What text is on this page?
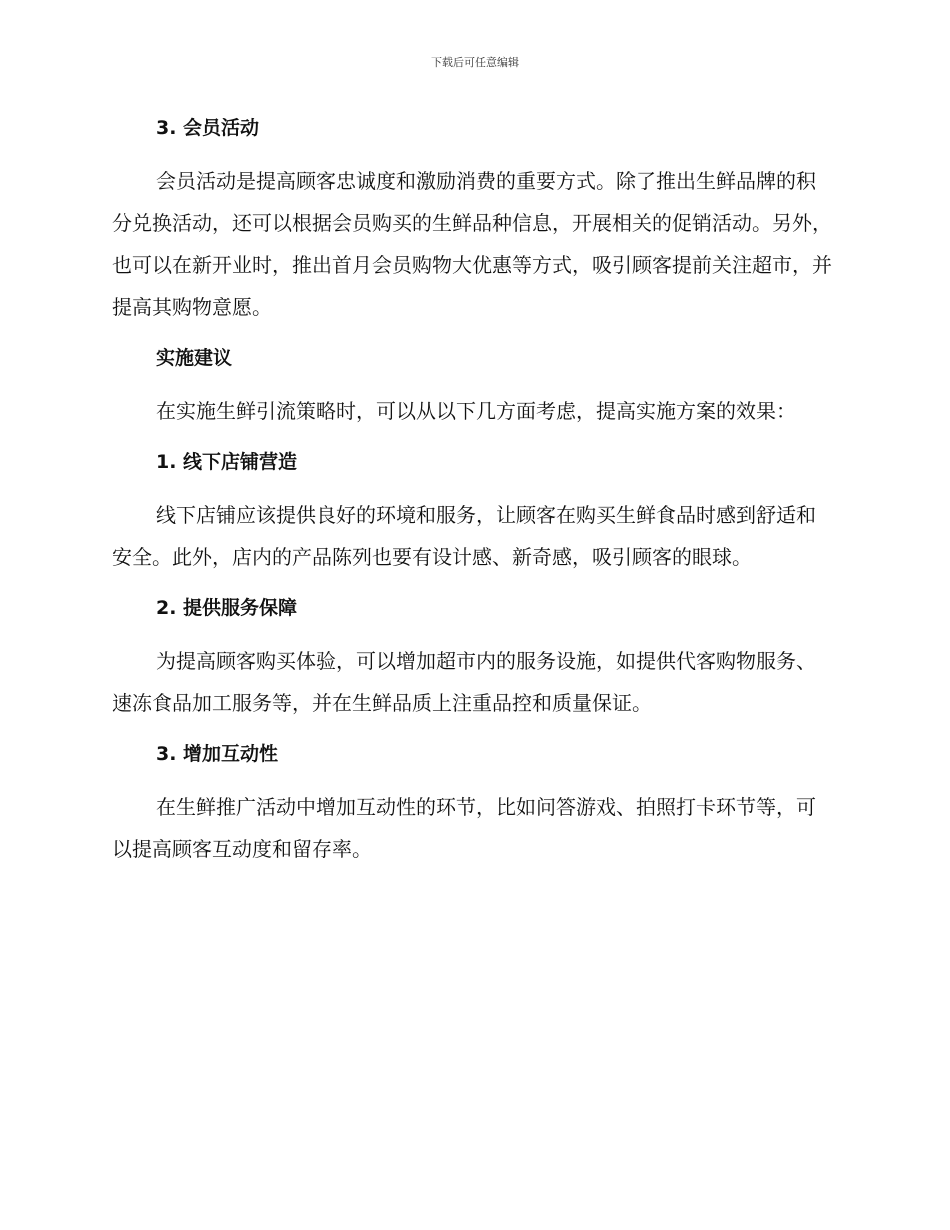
下载后可任意编辑

3. 会员活动

会员活动是提高顾客忠诚度和激励消费的重要方式。除了推出生鲜品牌的积分兑换活动，还可以根据会员购买的生鲜品种信息，开展相关的促销活动。另外，也可以在新开业时，推出首月会员购物大优惠等方式，吸引顾客提前关注超市，并提高其购物意愿。

实施建议

在实施生鲜引流策略时，可以从以下几方面考虑，提高实施方案的效果：

1. 线下店铺营造

线下店铺应该提供良好的环境和服务，让顾客在购买生鲜食品时感到舒适和安全。此外，店内的产品陈列也要有设计感、新奇感，吸引顾客的眼球。

2. 提供服务保障

为提高顾客购买体验，可以增加超市内的服务设施，如提供代客购物服务、速冻食品加工服务等，并在生鲜品质上注重品控和质量保证。

3. 增加互动性

在生鲜推广活动中增加互动性的环节，比如问答游戏、拍照打卡环节等，可以提高顾客互动度和留存率。
